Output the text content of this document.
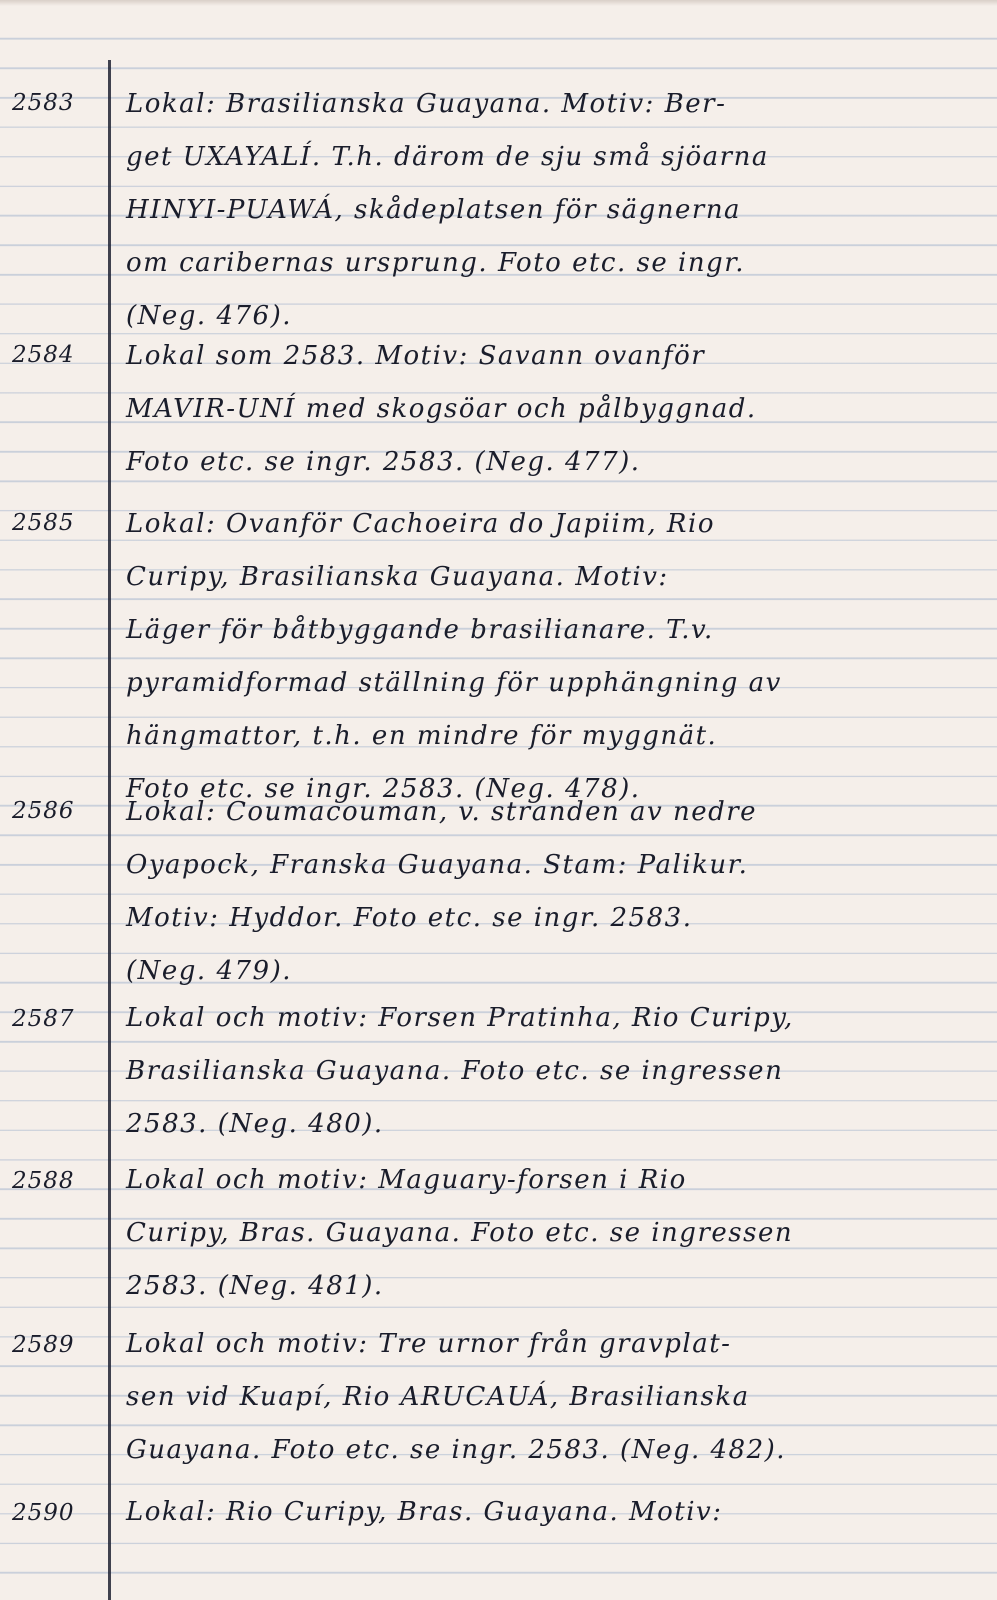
2583	Lokal: Brasilianska Guayana. Motiv: Ber-
get UXAYALÍ. T.h. därom de sju små sjöarna
HINYI-PUAWÁ, skådeplatsen för sägnerna
om caribernas ursprung. Foto etc. se ingr.
(Neg. 476).
2584	Lokal som 2583. Motiv: Savann ovanför
MAVIR-UNÍ med skogsöar och pålbyggnad.
Foto etc. se ingr. 2583. (Neg. 477).
2585	Lokal: Ovanför Cachoeira do Japiim, Rio
Curipy, Brasilianska Guayana. Motiv:
Läger för båtbyggande brasilianare. T.v.
pyramidformad ställning för upphängning av
hängmattor, t.h. en mindre för myggnät.
Foto etc. se ingr. 2583. (Neg. 478).
2586	Lokal: Coumacouman, v. stranden av nedre
Oyapock, Franska Guayana. Stam: Palikur.
Motiv: Hyddor. Foto etc. se ingr. 2583.
(Neg. 479).
2587	Lokal och motiv: Forsen Pratinha, Rio Curipy,
Brasilianska Guayana. Foto etc. se ingressen
2583. (Neg. 480).
2588	Lokal och motiv: Maguary-forsen i Rio
Curipy, Bras. Guayana. Foto etc. se ingressen
2583. (Neg. 481).
2589	Lokal och motiv: Tre urnor från gravplat-
sen vid Kuapí, Rio ARUCAUÁ, Brasilianska
Guayana. Foto etc. se ingr. 2583. (Neg. 482).
2590	Lokal: Rio Curipy, Bras. Guayana. Motiv:
